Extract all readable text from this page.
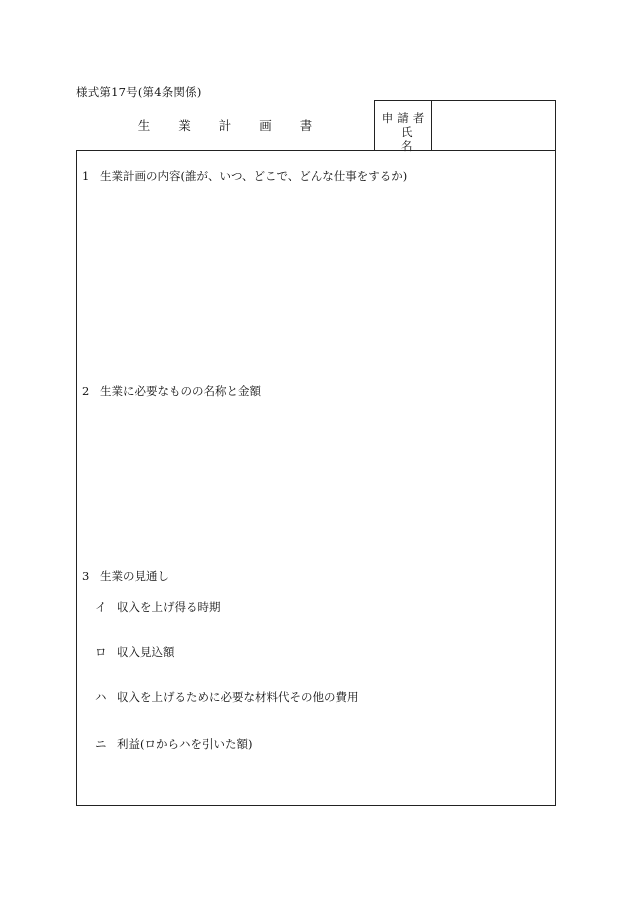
様式第17号(第4条関係)
生業計画書	申請者
氏名
1 生業計画の内容(誰が、いつ、どこで、どんな仕事をするか)
2 生業に必要なものの名称と金額
3 生業の見通し
イ 収入を上げ得る時期
ロ 収入見込額
ハ 収入を上げるために必要な材料代その他の費用
ニ 利益(ロからハを引いた額)
